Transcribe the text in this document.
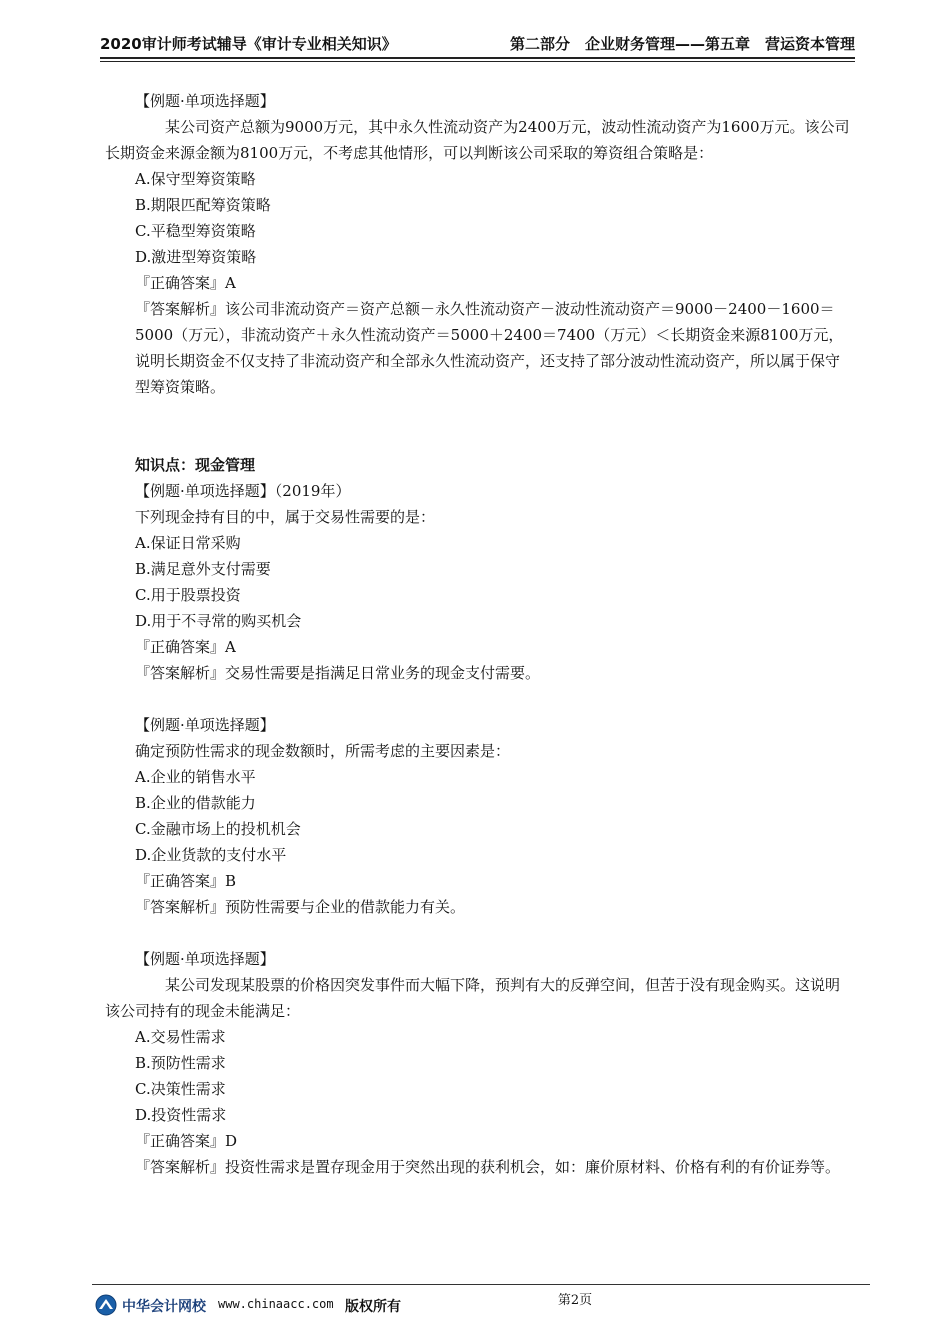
2020审计师考试辅导《审计专业相关知识》	第二部分　企业财务管理——第五章　营运资本管理

【例题·单项选择题】

　　某公司资产总额为9000万元，其中永久性流动资产为2400万元，波动性流动资产为1600万元。该公司长期资金来源金额为8100万元，不考虑其他情形，可以判断该公司采取的筹资组合策略是：

A.保守型筹资策略

B.期限匹配筹资策略

C.平稳型筹资策略

D.激进型筹资策略

『正确答案』A

『答案解析』该公司非流动资产＝资产总额－永久性流动资产－波动性流动资产＝9000－2400－1600＝5000（万元），非流动资产＋永久性流动资产＝5000＋2400＝7400（万元）＜长期资金来源8100万元，说明长期资金不仅支持了非流动资产和全部永久性流动资产，还支持了部分波动性流动资产，所以属于保守型筹资策略。

知识点：现金管理

【例题·单项选择题】（2019年）

下列现金持有目的中，属于交易性需要的是：

A.保证日常采购

B.满足意外支付需要

C.用于股票投资

D.用于不寻常的购买机会

『正确答案』A

『答案解析』交易性需要是指满足日常业务的现金支付需要。

【例题·单项选择题】

确定预防性需求的现金数额时，所需考虑的主要因素是：

A.企业的销售水平

B.企业的借款能力

C.金融市场上的投机机会

D.企业货款的支付水平

『正确答案』B

『答案解析』预防性需要与企业的借款能力有关。

【例题·单项选择题】

　　某公司发现某股票的价格因突发事件而大幅下降，预判有大的反弹空间，但苦于没有现金购买。这说明该公司持有的现金未能满足：

A.交易性需求

B.预防性需求

C.决策性需求

D.投资性需求

『正确答案』D

『答案解析』投资性需求是置存现金用于突然出现的获利机会，如：廉价原材料、价格有利的有价证券等。

中华会计网校 www.chinaacc.com 版权所有	第2页
